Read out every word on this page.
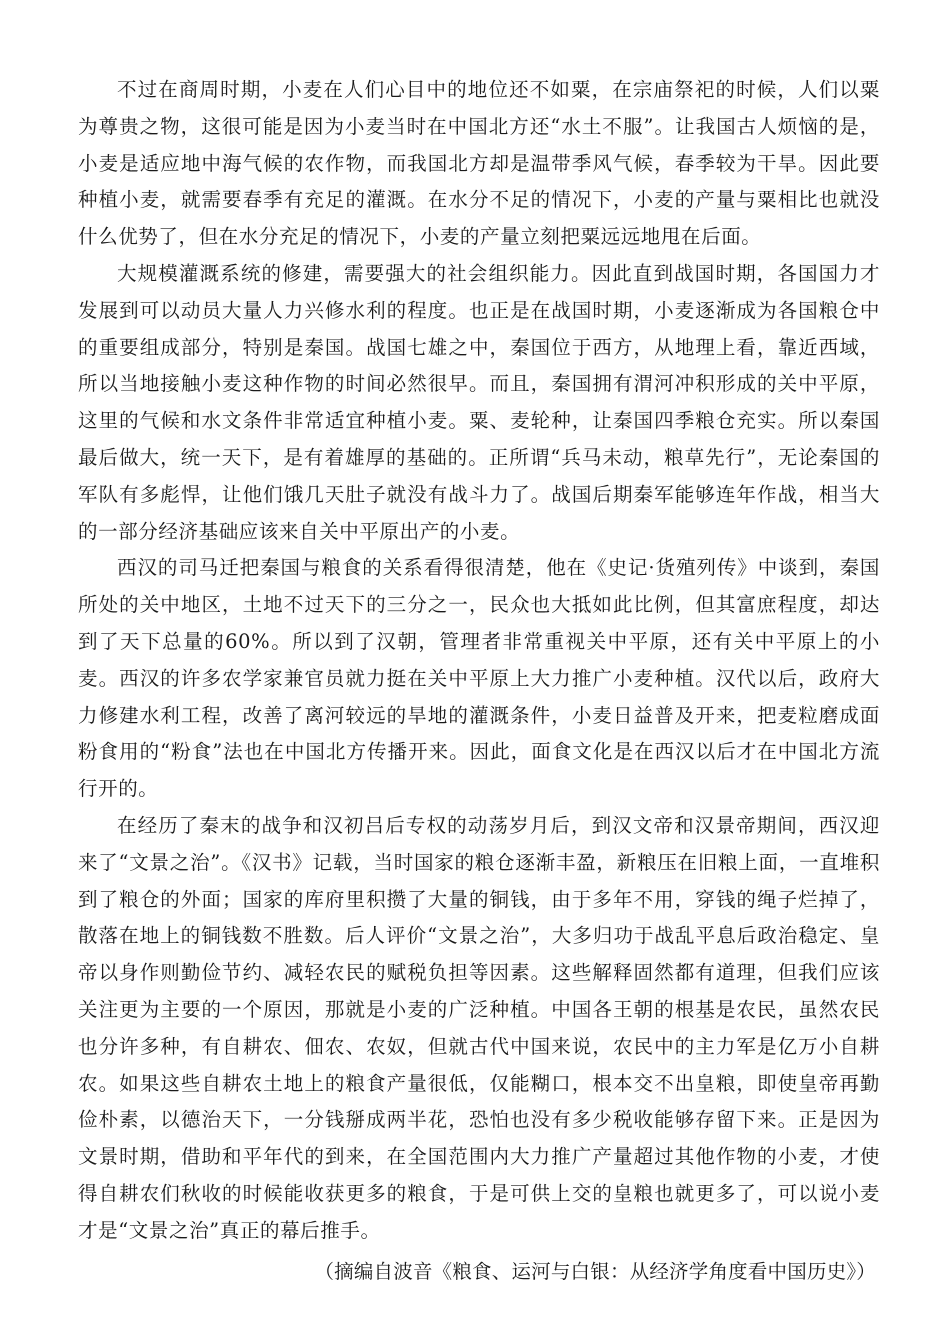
不过在商周时期，小麦在人们心目中的地位还不如粟，在宗庙祭祀的时候，人们以粟为尊贵之物，这很可能是因为小麦当时在中国北方还“水土不服”。让我国古人烦恼的是，小麦是适应地中海气候的农作物，而我国北方却是温带季风气候，春季较为干旱。因此要种植小麦，就需要春季有充足的灌溉。在水分不足的情况下，小麦的产量与粟相比也就没什么优势了，但在水分充足的情况下，小麦的产量立刻把粟远远地甩在后面。

大规模灌溉系统的修建，需要强大的社会组织能力。因此直到战国时期，各国国力才发展到可以动员大量人力兴修水利的程度。也正是在战国时期，小麦逐渐成为各国粮仓中的重要组成部分，特别是秦国。战国七雄之中，秦国位于西方，从地理上看，靠近西域，所以当地接触小麦这种作物的时间必然很早。而且，秦国拥有渭河冲积形成的关中平原，这里的气候和水文条件非常适宜种植小麦。粟、麦轮种，让秦国四季粮仓充实。所以秦国最后做大，统一天下，是有着雄厚的基础的。正所谓“兵马未动，粮草先行”，无论秦国的军队有多彪悍，让他们饿几天肚子就没有战斗力了。战国后期秦军能够连年作战，相当大的一部分经济基础应该来自关中平原出产的小麦。

西汉的司马迁把秦国与粮食的关系看得很清楚，他在《史记·货殖列传》中谈到，秦国所处的关中地区，土地不过天下的三分之一，民众也大抵如此比例，但其富庶程度，却达到了天下总量的60%。所以到了汉朝，管理者非常重视关中平原，还有关中平原上的小麦。西汉的许多农学家兼官员就力挺在关中平原上大力推广小麦种植。汉代以后，政府大力修建水利工程，改善了离河较远的旱地的灌溉条件，小麦日益普及开来，把麦粒磨成面粉食用的“粉食”法也在中国北方传播开来。因此，面食文化是在西汉以后才在中国北方流行开的。

在经历了秦末的战争和汉初吕后专权的动荡岁月后，到汉文帝和汉景帝期间，西汉迎来了“文景之治”。《汉书》记载，当时国家的粮仓逐渐丰盈，新粮压在旧粮上面，一直堆积到了粮仓的外面；国家的库府里积攒了大量的铜钱，由于多年不用，穿钱的绳子烂掉了，散落在地上的铜钱数不胜数。后人评价“文景之治”，大多归功于战乱平息后政治稳定、皇帝以身作则勤俭节约、减轻农民的赋税负担等因素。这些解释固然都有道理，但我们应该关注更为主要的一个原因，那就是小麦的广泛种植。中国各王朝的根基是农民，虽然农民也分许多种，有自耕农、佃农、农奴，但就古代中国来说，农民中的主力军是亿万小自耕农。如果这些自耕农土地上的粮食产量很低，仅能糊口，根本交不出皇粮，即使皇帝再勤俭朴素，以德治天下，一分钱掰成两半花，恐怕也没有多少税收能够存留下来。正是因为文景时期，借助和平年代的到来，在全国范围内大力推广产量超过其他作物的小麦，才使得自耕农们秋收的时候能收获更多的粮食，于是可供上交的皇粮也就更多了，可以说小麦才是“文景之治”真正的幕后推手。

（摘编自波音《粮食、运河与白银：从经济学角度看中国历史》）
